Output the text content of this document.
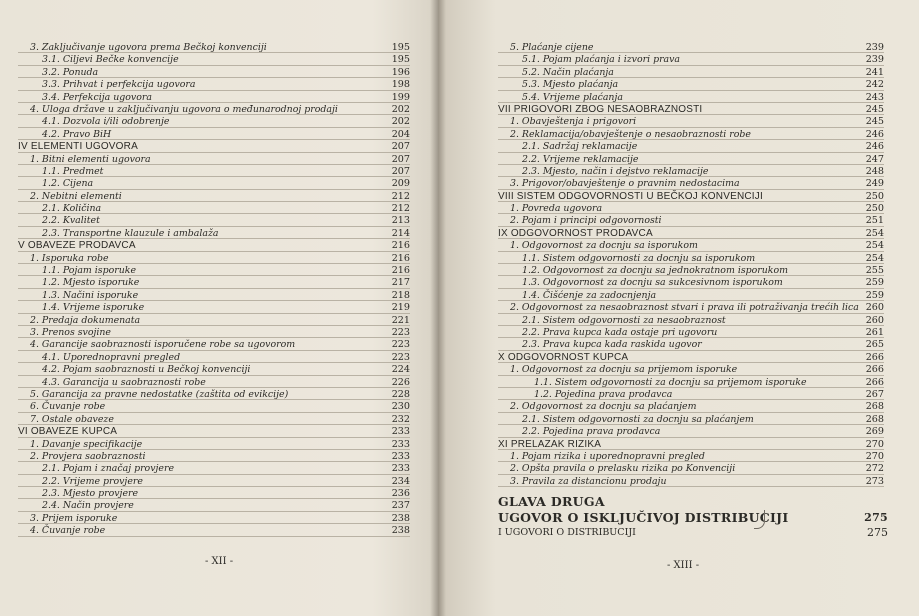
3. Zaključivanje ugovora prema Bečkoj konvenciji	195
3.1. Ciljevi Bečke konvencije	195
3.2. Ponuda	196
3.3. Prihvat i perfekcija ugovora	198
3.4. Perfekcija ugovora	199
4. Uloga države u zaključivanju ugovora o međunarodnoj prodaji	202
4.1. Dozvola i/ili odobrenje	202
4.2. Pravo BiH	204
IV ELEMENTI UGOVORA	207
1. Bitni elementi ugovora	207
1.1. Predmet	207
1.2. Cijena	209
2. Nebitni elementi	212
2.1. Količina	212
2.2. Kvalitet	213
2.3. Transportne klauzule i ambalaža	214
V OBAVEZE PRODAVCA	216
1. Isporuka robe	216
1.1. Pojam isporuke	216
1.2. Mjesto isporuke	217
1.3. Načini isporuke	218
1.4. Vrijeme isporuke	219
2. Predaja dokumenata	221
3. Prenos svojine	223
4. Garancije saobraznosti isporučene robe sa ugovorom	223
4.1. Uporednopravni pregled	223
4.2. Pojam saobraznosti u Bečkoj konvenciji	224
4.3. Garancija u saobraznosti robe	226
5. Garancija za pravne nedostatke (zaštita od evikcije)	228
6. Čuvanje robe	230
7. Ostale obaveze	232
VI OBAVEZE KUPCA	233
1. Davanje specifikacije	233
2. Provjera saobraznosti	233
2.1. Pojam i značaj provjere	233
2.2. Vrijeme provjere	234
2.3. Mjesto provjere	236
2.4. Način provjere	237
3. Prijem isporuke	238
4. Čuvanje robe	238
5. Plaćanje cijene	239
5.1. Pojam plaćanja i izvori prava	239
5.2. Način plaćanja	241
5.3. Mjesto plaćanja	242
5.4. Vrijeme plaćanja	243
VII PRIGOVORI ZBOG NESAOBRAZNOSTI	245
1. Obavještenja i prigovori	245
2. Reklamacija/obavještenje o nesaobraznosti robe	246
2.1. Sadržaj reklamacije	246
2.2. Vrijeme reklamacije	247
2.3. Mjesto, način i dejstvo reklamacije	248
3. Prigovor/obavještenje o pravnim nedostacima	249
VIII SISTEM ODGOVORNOSTI U BEČKOJ KONVENCIJI	250
1. Povreda ugovora	250
2. Pojam i principi odgovornosti	251
IX ODGOVORNOST PRODAVCA	254
1. Odgovornost za docnju sa isporukom	254
1.1. Sistem odgovornosti za docnju sa isporukom	254
1.2. Odgovornost za docnju sa jednokratnom isporukom	255
1.3. Odgovornost za docnju sa sukcesivnom isporukom	259
1.4. Čišćenje za zadocnjenja	259
2. Odgovornost za nesaobraznost stvari i prava ili potraživanja trećih lica 260
2.1. Sistem odgovornosti za nesaobraznost	260
2.2. Prava kupca kada ostaje pri ugovoru	261
2.3. Prava kupca kada raskida ugovor	265
X ODGOVORNOST KUPCA	266
1. Odgovornost za docnju sa prijemom isporuke	266
1.1. Sistem odgovornosti za docnju sa prijemom isporuke	266
1.2. Pojedina prava prodavca	267
2. Odgovornost za docnju sa plaćanjem	268
2.1. Sistem odgovornosti za docnju sa plaćanjem	268
2.2. Pojedina prava prodavca	269
XI PRELAZAK RIZIKA	270
1. Pojam rizika i uporednopravni pregled	270
2. Opšta pravila o prelasku rizika po Konvenciji	272
3. Pravila za distancionu prodaju	273
GLAVA DRUGA
UGOVOR O ISKLJUČIVOJ DISTRIBUCIJI	275
I UGOVORI O DISTRIBUCIJI	275
- XII -	- XIII -
